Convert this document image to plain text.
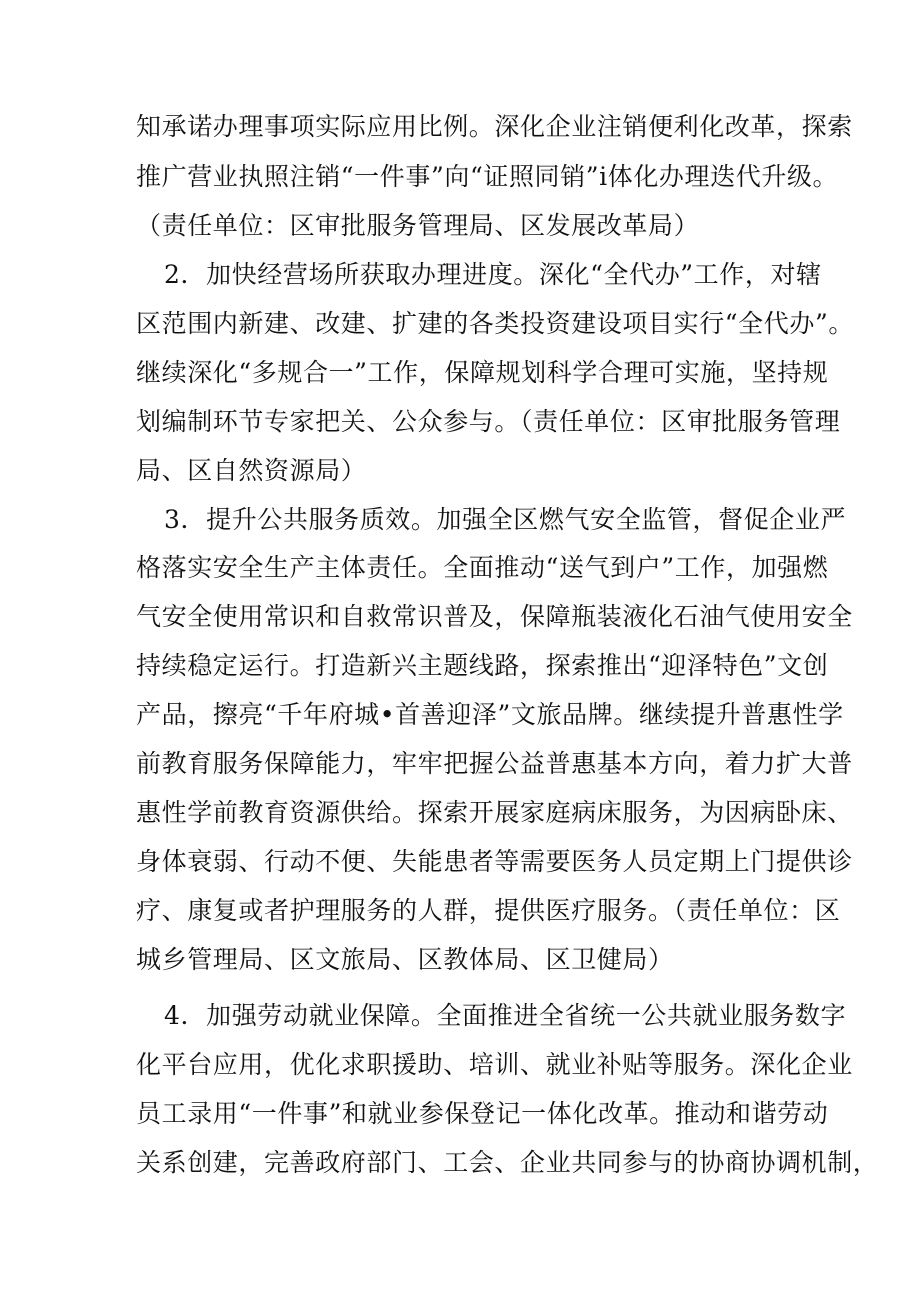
知承诺办理事项实际应用比例。深化企业注销便利化改革，探索
推广营业执照注销“一件事”向“证照同销”i体化办理迭代升级。
（责任单位：区审批服务管理局、区发展改革局）
2．加快经营场所获取办理进度。深化“全代办”工作，对辖
区范围内新建、改建、扩建的各类投资建设项目实行“全代办”。
继续深化“多规合一”工作，保障规划科学合理可实施，坚持规
划编制环节专家把关、公众参与。（责任单位：区审批服务管理
局、区自然资源局）
3．提升公共服务质效。加强全区燃气安全监管，督促企业严
格落实安全生产主体责任。全面推动“送气到户”工作，加强燃
气安全使用常识和自救常识普及，保障瓶装液化石油气使用安全
持续稳定运行。打造新兴主题线路，探索推出“迎泽特色”文创
产品，擦亮“千年府城•首善迎泽”文旅品牌。继续提升普惠性学
前教育服务保障能力，牢牢把握公益普惠基本方向，着力扩大普
惠性学前教育资源供给。探索开展家庭病床服务，为因病卧床、
身体衰弱、行动不便、失能患者等需要医务人员定期上门提供诊
疗、康复或者护理服务的人群，提供医疗服务。（责任单位：区
城乡管理局、区文旅局、区教体局、区卫健局）
4．加强劳动就业保障。全面推进全省统一公共就业服务数字
化平台应用，优化求职援助、培训、就业补贴等服务。深化企业
员工录用“一件事”和就业参保登记一体化改革。推动和谐劳动
关系创建，完善政府部门、工会、企业共同参与的协商协调机制，
